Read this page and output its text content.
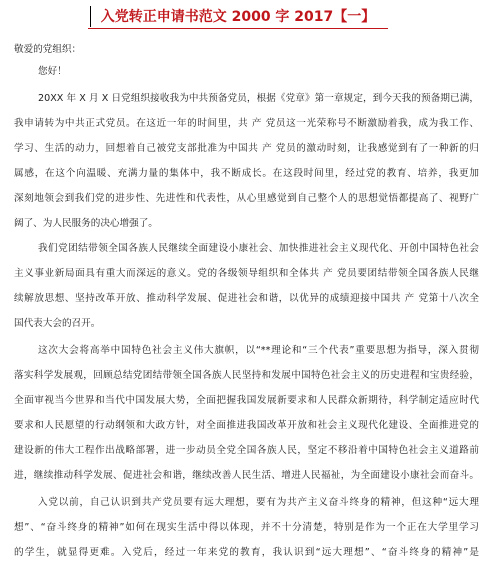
入党转正申请书范文 2000 字 2017【一】
敬爱的党组织：
您好！
20XX 年 X 月 X 日党组织接收我为中共预备党员，根据《党章》第一章规定，到今天我的预备期已满，
我申请转为中共正式党员。在这近一年的时间里，共 产 党员这一光荣称号不断激励着我，成为我工作、
学习、生活的动力，回想着自己被党支部批准为中国共 产 党员的激动时刻，让我感觉到有了一种新的归
属感，在这个向温暖、充满力量的集体中，我不断成长。在这段时间里，经过党的教育、培养，我更加
深刻地领会到我们党的进步性、先进性和代表性，从心里感觉到自己整个人的思想觉悟都提高了、视野广
阔了、为人民服务的决心增强了。
我们党团结带领全国各族人民继续全面建设小康社会、加快推进社会主义现代化、开创中国特色社会
主义事业新局面具有重大而深远的意义。党的各级领导组织和全体共 产 党员要团结带领全国各族人民继
续解放思想、坚持改革开放、推动科学发展、促进社会和谐，以优异的成绩迎接中国共 产 党第十八次全
国代表大会的召开。
这次大会将高举中国特色社会主义伟大旗帜，以“**理论和“三个代表”重要思想为指导，深入贯彻
落实科学发展观，回顾总结党团结带领全国各族人民坚持和发展中国特色社会主义的历史进程和宝贵经验，
全面审视当今世界和当代中国发展大势，全面把握我国发展新要求和人民群众新期待，科学制定适应时代
要求和人民愿望的行动纲领和大政方针，对全面推进我国改革开放和社会主义现代化建设、全面推进党的
建设新的伟大工程作出战略部署，进一步动员全党全国各族人民，坚定不移沿着中国特色社会主义道路前
进，继续推动科学发展、促进社会和谐，继续改善人民生活、增进人民福祉，为全面建设小康社会而奋斗。
入党以前，自己认识到共产党员要有远大理想，要有为共产主义奋斗终身的精神，但这种“远大理
想”、“奋斗终身的精神”如何在现实生活中得以体现，并不十分清楚，特别是作为一个正在大学里学习
的学生，就显得更难。入党后，经过一年来党的教育，我认识到“远大理想”、“奋斗终身的精神”是
